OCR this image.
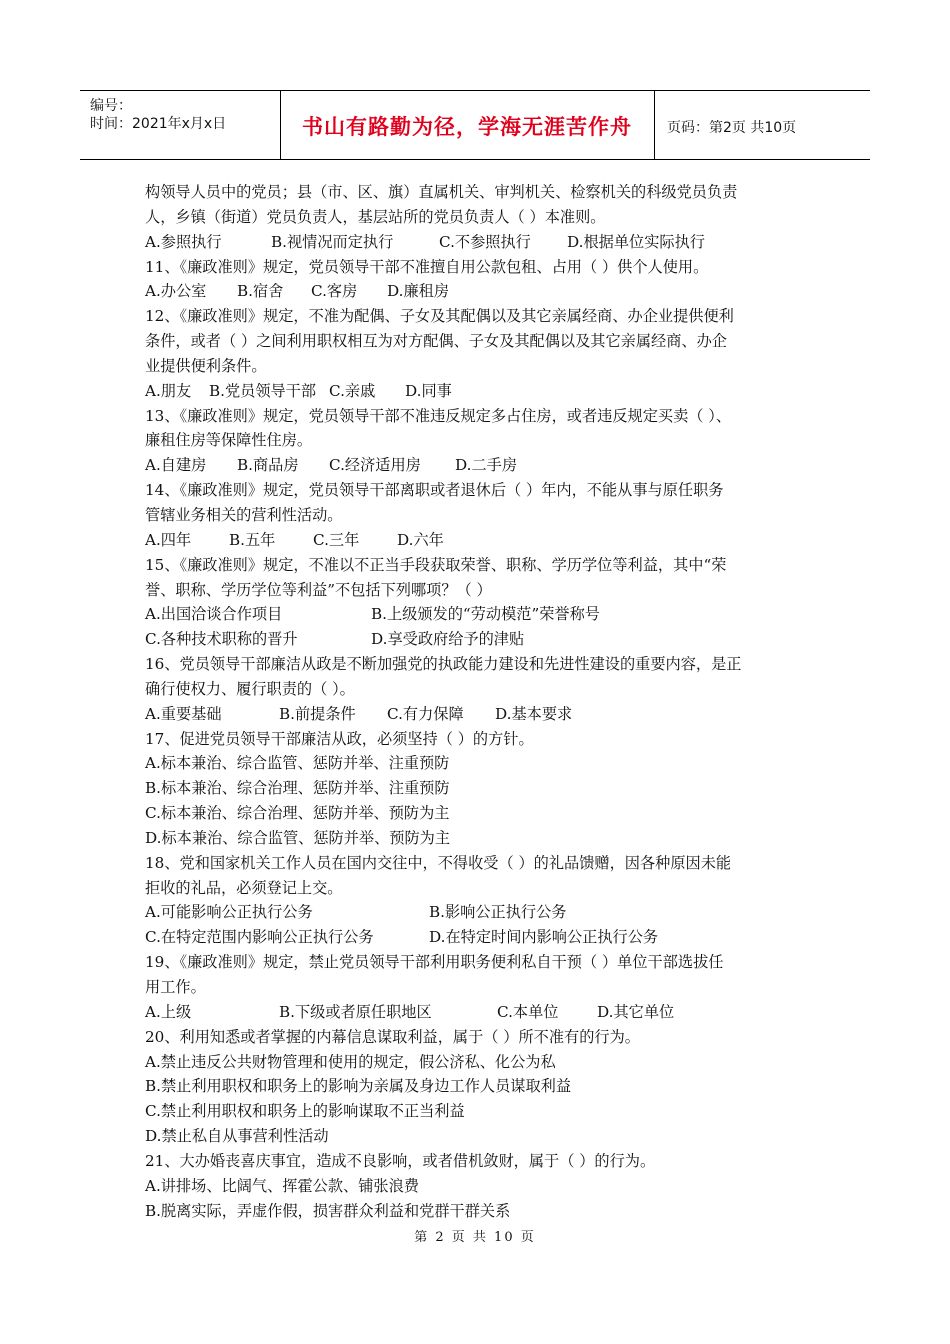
编号：
时间：2021年x月x日	书山有路勤为径，学海无涯苦作舟	页码：第2页 共10页
构领导人员中的党员；县（市、区、旗）直属机关、审判机关、检察机关的科级党员负责
人，乡镇（街道）党员负责人，基层站所的党员负责人（ ）本准则。
A.参照执行	B.视情况而定执行	C.不参照执行 D.根据单位实际执行
11、《廉政准则》规定，党员领导干部不准擅自用公款包租、占用（ ）供个人使用。
A.办公室 B.宿舍 C.客房 D.廉租房
12、《廉政准则》规定，不准为配偶、子女及其配偶以及其它亲属经商、办企业提供便利
条件，或者（ ）之间利用职权相互为对方配偶、子女及其配偶以及其它亲属经商、办企
业提供便利条件。
A.朋友 B.党员领导干部 C.亲戚 D.同事
13、《廉政准则》规定，党员领导干部不准违反规定多占住房，或者违反规定买卖（ ）、
廉租住房等保障性住房。
A.自建房 B.商品房 C.经济适用房 D.二手房
14、《廉政准则》规定，党员领导干部离职或者退休后（ ）年内，不能从事与原任职务
管辖业务相关的营利性活动。
A.四年 B.五年 C.三年 D.六年
15、《廉政准则》规定，不准以不正当手段获取荣誉、职称、学历学位等利益，其中“荣
誉、职称、学历学位等利益”不包括下列哪项？（ ）
A.出国洽谈合作项目	B.上级颁发的“劳动模范”荣誉称号
C.各种技术职称的晋升	D.享受政府给予的津贴
16、党员领导干部廉洁从政是不断加强党的执政能力建设和先进性建设的重要内容，是正
确行使权力、履行职责的（ ）。
A.重要基础	B.前提条件 C.有力保障 D.基本要求
17、促进党员领导干部廉洁从政，必须坚持（ ）的方针。
A.标本兼治、综合监管、惩防并举、注重预防
B.标本兼治、综合治理、惩防并举、注重预防
C.标本兼治、综合治理、惩防并举、预防为主
D.标本兼治、综合监管、惩防并举、预防为主
18、党和国家机关工作人员在国内交往中，不得收受（ ）的礼品馈赠，因各种原因未能
拒收的礼品，必须登记上交。
A.可能影响公正执行公务	B.影响公正执行公务
C.在特定范围内影响公正执行公务	D.在特定时间内影响公正执行公务
19、《廉政准则》规定，禁止党员领导干部利用职务便利私自干预（ ）单位干部选拔任
用工作。
A.上级	B.下级或者原任职地区	C.本单位	D.其它单位
20、利用知悉或者掌握的内幕信息谋取利益，属于（ ）所不准有的行为。
A.禁止违反公共财物管理和使用的规定，假公济私、化公为私
B.禁止利用职权和职务上的影响为亲属及身边工作人员谋取利益
C.禁止利用职权和职务上的影响谋取不正当利益
D.禁止私自从事营利性活动
21、大办婚丧喜庆事宜，造成不良影响，或者借机敛财，属于（ ）的行为。
A.讲排场、比阔气、挥霍公款、铺张浪费
B.脱离实际，弄虚作假，损害群众利益和党群干群关系
第 2 页 共 10 页
